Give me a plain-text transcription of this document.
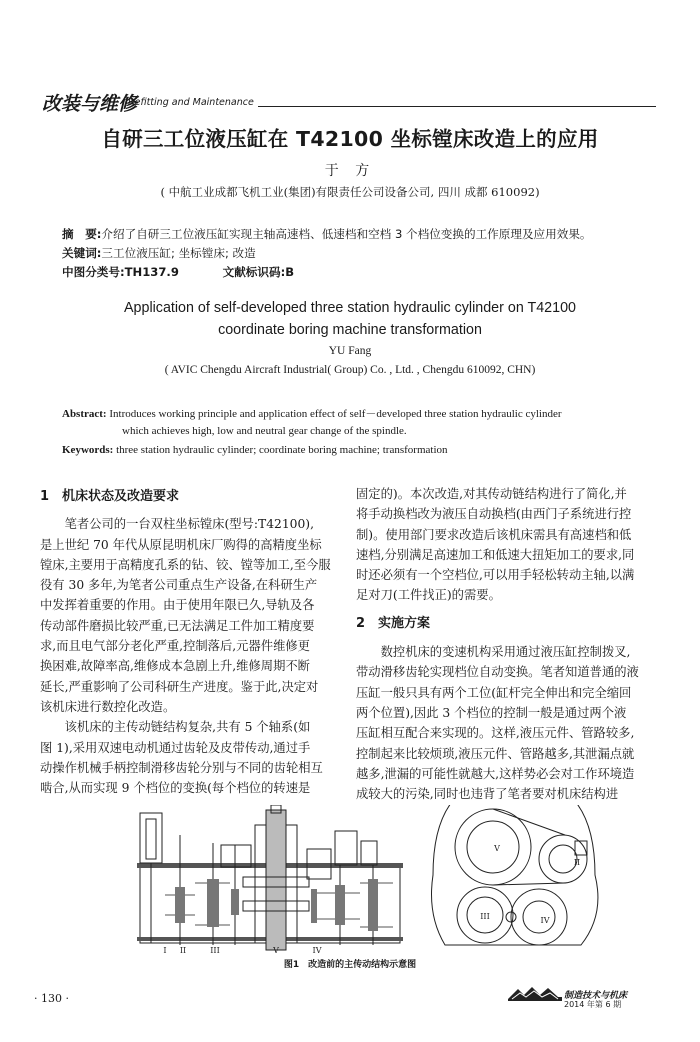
改装与维修
Refitting and Maintenance
自研三工位液压缸在 T42100 坐标镗床改造上的应用
于 方
( 中航工业成都飞机工业(集团)有限责任公司设备公司, 四川 成都 610092)
摘　要:介绍了自研三工位液压缸实现主轴高速档、低速档和空档 3 个档位变换的工作原理及应用效果。
关键词:三工位液压缸; 坐标镗床; 改造
中图分类号:TH137.9	文献标识码:B
Application of self-developed three station hydraulic cylinder on T42100
coordinate boring machine transformation
YU Fang
( AVIC Chengdu Aircraft Industrial( Group) Co. , Ltd. , Chengdu 610092, CHN)
Abstract: Introduces working principle and application effect of self－developed three station hydraulic cylinder
which achieves high, low and neutral gear change of the spindle.
Keywords: three station hydraulic cylinder; coordinate boring machine; transformation
1　机床状态及改造要求

笔者公司的一台双柱坐标镗床(型号:T42100),

是上世纪 70 年代从原昆明机床厂购得的高精度坐标

镗床,主要用于高精度孔系的钻、铰、镗等加工,至今服

役有 30 多年,为笔者公司重点生产设备,在科研生产

中发挥着重要的作用。由于使用年限已久,导轨及各

传动部件磨损比较严重,已无法满足工件加工精度要

求,而且电气部分老化严重,控制落后,元器件维修更

换困难,故障率高,维修成本急剧上升,维修周期不断

延长,严重影响了公司科研生产进度。鉴于此,决定对

该机床进行数控化改造。

该机床的主传动链结构复杂,共有 5 个轴系(如

图 1),采用双速电动机通过齿轮及皮带传动,通过手

动操作机械手柄控制滑移齿轮分别与不同的齿轮相互

啮合,从而实现 9 个档位的变换(每个档位的转速是

固定的)。本次改造,对其传动链结构进行了简化,并

将手动换档改为液压自动换档(由西门子系统进行控

制)。使用部门要求改造后该机床需具有高速档和低

速档,分别满足高速加工和低速大扭矩加工的要求,同

时还必须有一个空档位,可以用手轻松转动主轴,以满

足对刀(工件找正)的需要。

2　实施方案

数控机床的变速机构采用通过液压缸控制拨叉,

带动滑移齿轮实现档位自动变换。笔者知道普通的液

压缸一般只具有两个工位(缸杆完全伸出和完全缩回

两个位置),因此 3 个档位的控制一般是通过两个液

压缸相互配合来实现的。这样,液压元件、管路较多,

控制起来比较烦琐,液压元件、管路越多,其泄漏点就

越多,泄漏的可能性就越大,这样势必会对工作环境造

成较大的污染,同时也违背了笔者要对机床结构进

I II	III	V	IV
V
II
III	IV
图1　改造前的主传动结构示意图
· 130 ·	制造技术与机床
2014 年第 6 期
